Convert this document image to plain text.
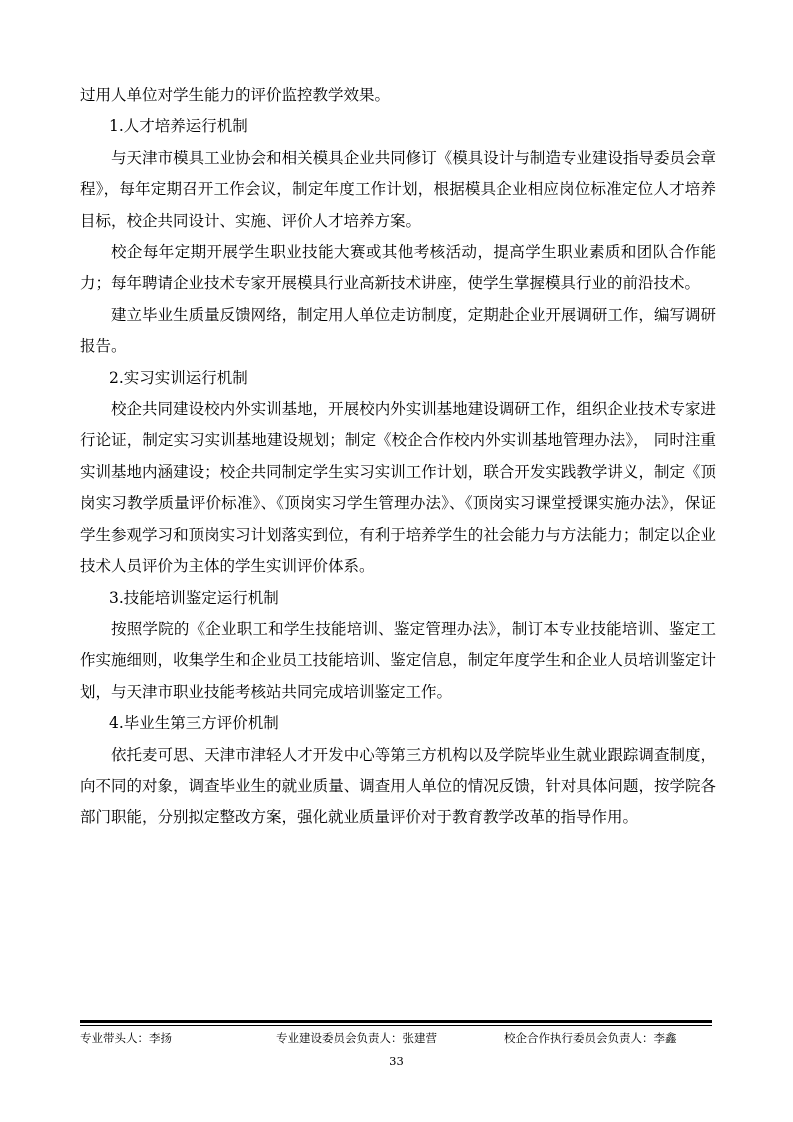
过用人单位对学生能力的评价监控教学效果。

1.人才培养运行机制

与天津市模具工业协会和相关模具企业共同修订《模具设计与制造专业建设指导委员会章程》，每年定期召开工作会议，制定年度工作计划，根据模具企业相应岗位标准定位人才培养目标，校企共同设计、实施、评价人才培养方案。

校企每年定期开展学生职业技能大赛或其他考核活动，提高学生职业素质和团队合作能力；每年聘请企业技术专家开展模具行业高新技术讲座，使学生掌握模具行业的前沿技术。

建立毕业生质量反馈网络，制定用人单位走访制度，定期赴企业开展调研工作，编写调研报告。

2.实习实训运行机制

校企共同建设校内外实训基地，开展校内外实训基地建设调研工作，组织企业技术专家进行论证，制定实习实训基地建设规划；制定《校企合作校内外实训基地管理办法》， 同时注重实训基地内涵建设；校企共同制定学生实习实训工作计划，联合开发实践教学讲义，制定《顶岗实习教学质量评价标准》、《顶岗实习学生管理办法》、《顶岗实习课堂授课实施办法》，保证学生参观学习和顶岗实习计划落实到位，有利于培养学生的社会能力与方法能力；制定以企业技术人员评价为主体的学生实训评价体系。

3.技能培训鉴定运行机制

按照学院的《企业职工和学生技能培训、鉴定管理办法》，制订本专业技能培训、鉴定工作实施细则，收集学生和企业员工技能培训、鉴定信息，制定年度学生和企业人员培训鉴定计划，与天津市职业技能考核站共同完成培训鉴定工作。

4.毕业生第三方评价机制

依托麦可思、天津市津轻人才开发中心等第三方机构以及学院毕业生就业跟踪调查制度，向不同的对象，调查毕业生的就业质量、调查用人单位的情况反馈，针对具体问题，按学院各部门职能，分别拟定整改方案，强化就业质量评价对于教育教学改革的指导作用。

专业带头人：李扬	专业建设委员会负责人：张建营	校企合作执行委员会负责人：李鑫
33
